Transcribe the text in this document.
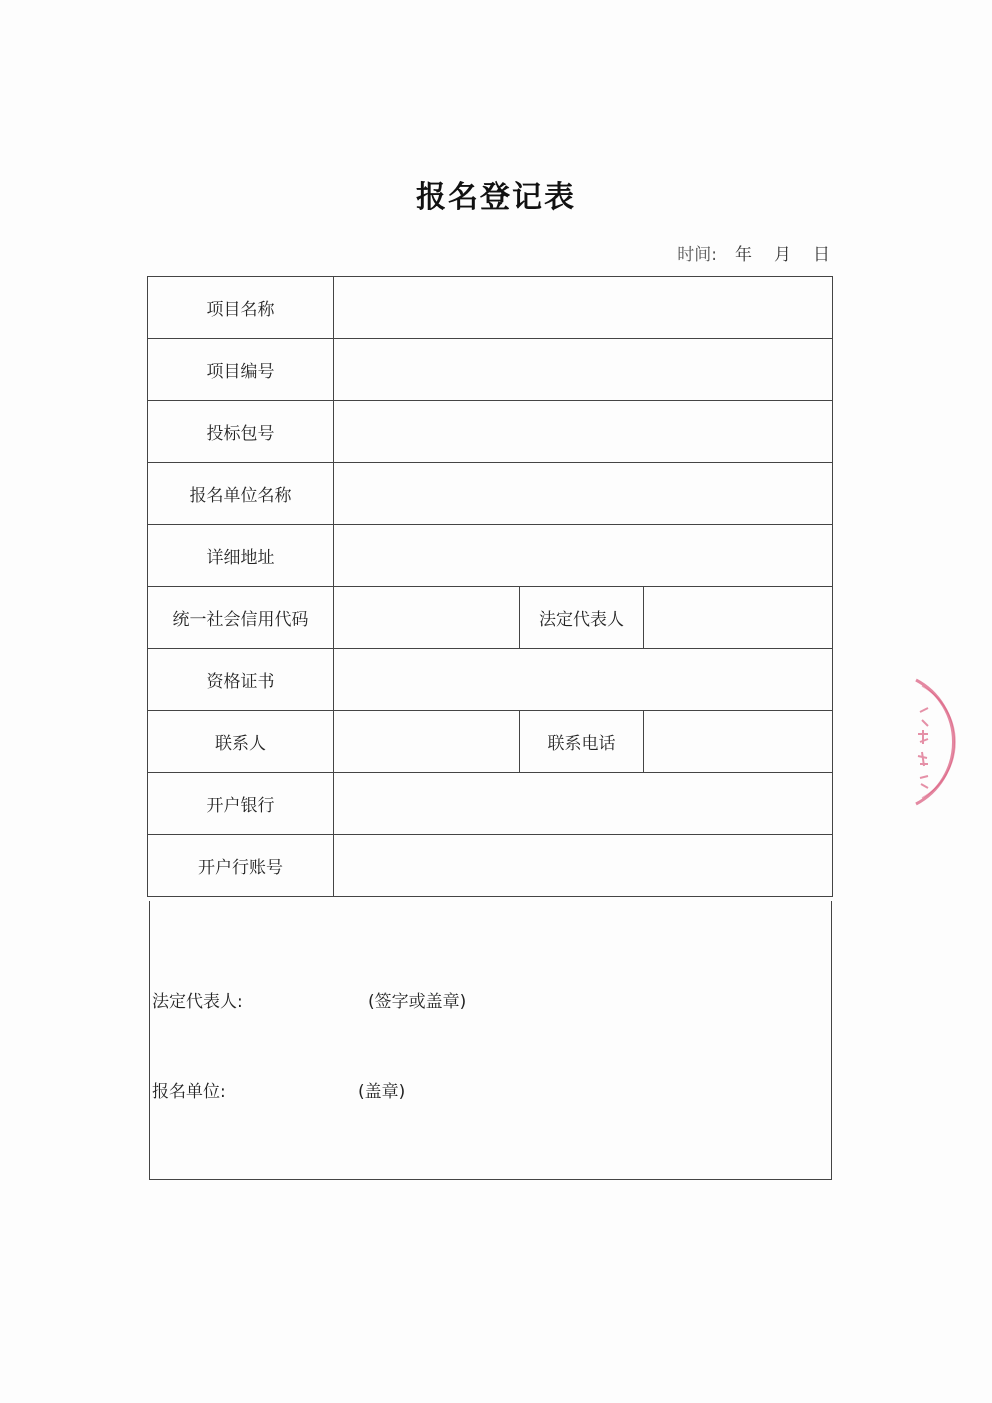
报名登记表
时间: 年 月 日
项目名称			
项目编号			
投标包号			
报名单位名称			
详细地址			
统一社会信用代码		法定代表人	
资格证书			
联系人		联系电话	
开户银行			
开户行账号			
法定代表人:	(签字或盖章)
报名单位:	(盖章)
